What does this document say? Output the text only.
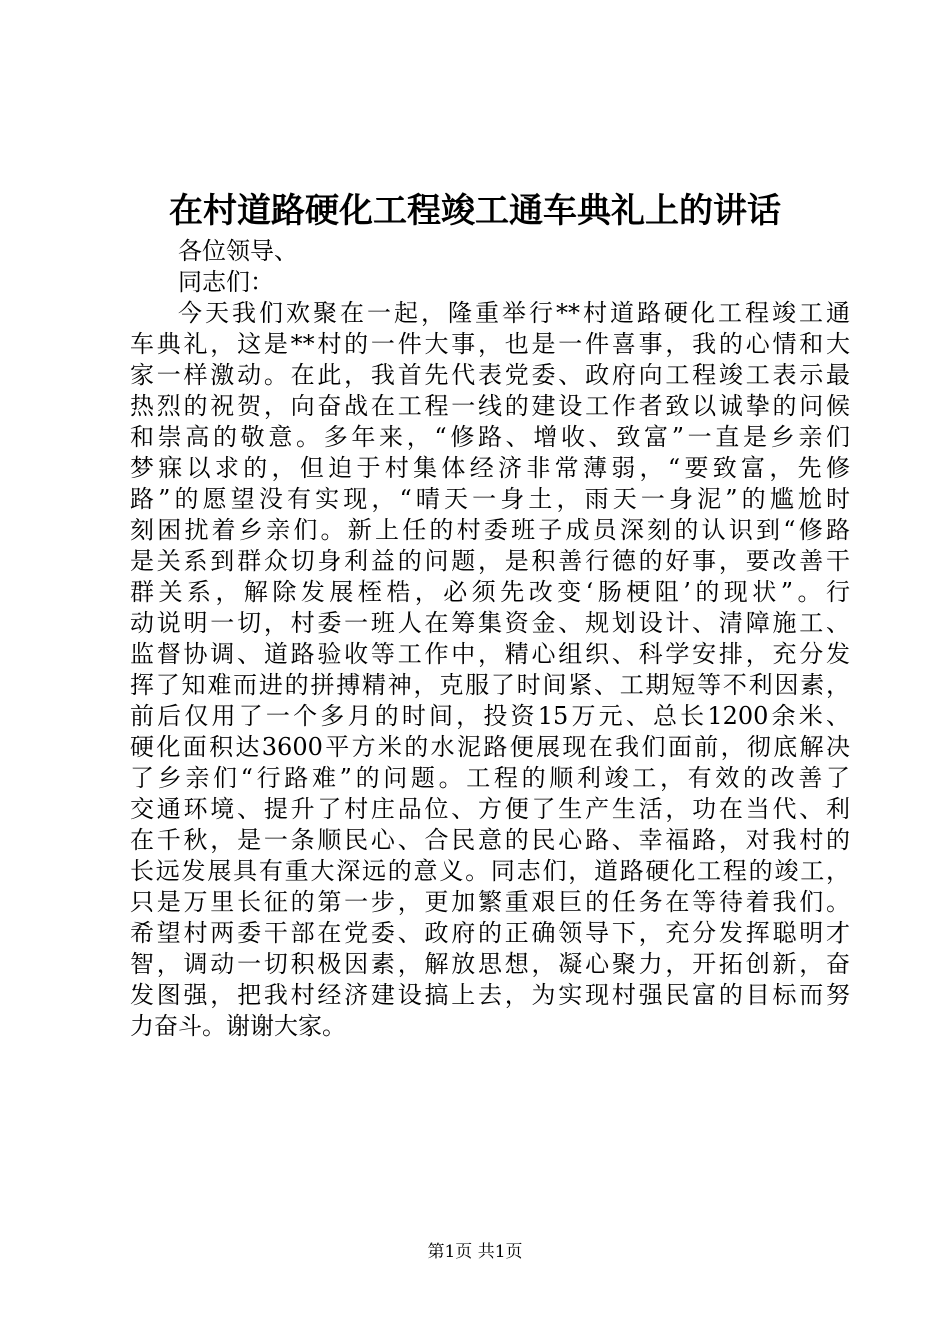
在村道路硬化工程竣工通车典礼上的讲话

各位领导、

同志们：

今天我们欢聚在一起，隆重举行**村道路硬化工程竣工通

车典礼，这是**村的一件大事，也是一件喜事，我的心情和大

家一样激动。在此，我首先代表党委、政府向工程竣工表示最

热烈的祝贺，向奋战在工程一线的建设工作者致以诚挚的问候

和崇高的敬意。多年来，“修路、增收、致富”一直是乡亲们

梦寐以求的，但迫于村集体经济非常薄弱，“要致富，先修

路”的愿望没有实现，“晴天一身土，雨天一身泥”的尴尬时

刻困扰着乡亲们。新上任的村委班子成员深刻的认识到“修路

是关系到群众切身利益的问题，是积善行德的好事，要改善干

群关系，解除发展桎梏，必须先改变‘肠梗阻’的现状”。行

动说明一切，村委一班人在筹集资金、规划设计、清障施工、

监督协调、道路验收等工作中，精心组织、科学安排，充分发

挥了知难而进的拼搏精神，克服了时间紧、工期短等不利因素，

前后仅用了一个多月的时间，投资15万元、总长1200余米、

硬化面积达3600平方米的水泥路便展现在我们面前，彻底解决

了乡亲们“行路难”的问题。工程的顺利竣工，有效的改善了

交通环境、提升了村庄品位、方便了生产生活，功在当代、利

在千秋，是一条顺民心、合民意的民心路、幸福路，对我村的

长远发展具有重大深远的意义。同志们，道路硬化工程的竣工，

只是万里长征的第一步，更加繁重艰巨的任务在等待着我们。

希望村两委干部在党委、政府的正确领导下，充分发挥聪明才

智，调动一切积极因素，解放思想，凝心聚力，开拓创新，奋

发图强，把我村经济建设搞上去，为实现村强民富的目标而努

力奋斗。谢谢大家。

第1页 共1页
